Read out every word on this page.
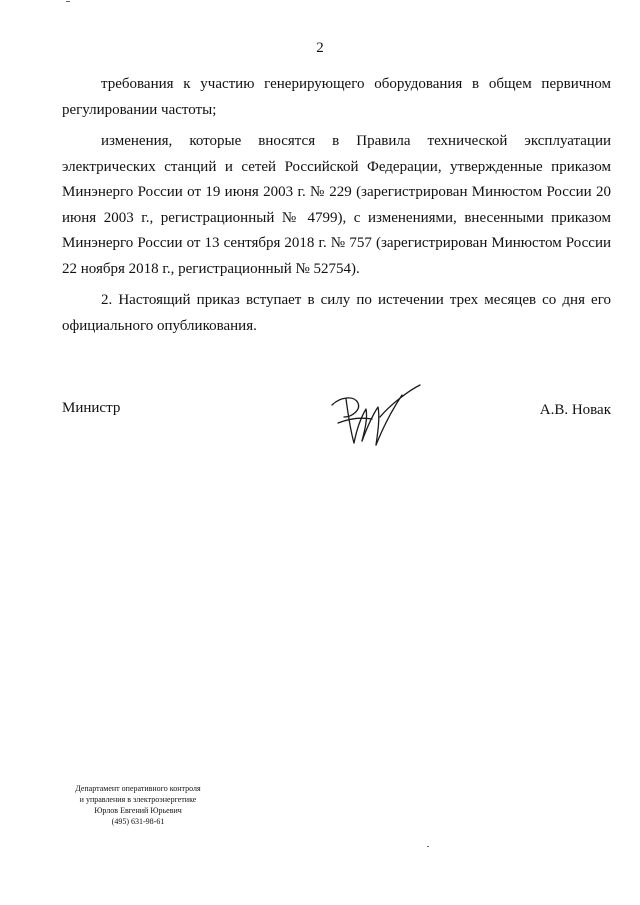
2

требования к участию генерирующего оборудования в общем первичном регулировании частоты;

изменения, которые вносятся в Правила технической эксплуатации электрических станций и сетей Российской Федерации, утвержденные приказом Минэнерго России от 19 июня 2003 г. № 229 (зарегистрирован Минюстом России 20 июня 2003 г., регистрационный № 4799), с изменениями, внесенными приказом Минэнерго России от 13 сентября 2018 г. № 757 (зарегистрирован Минюстом России 22 ноября 2018 г., регистрационный № 52754).

2. Настоящий приказ вступает в силу по истечении трех месяцев со дня его официального опубликования.

Министр	А.В. Новак
Департамент оперативного контроля
и управления в электроэнергетике
Юрлов Евгений Юрьевич
(495) 631-98-61
